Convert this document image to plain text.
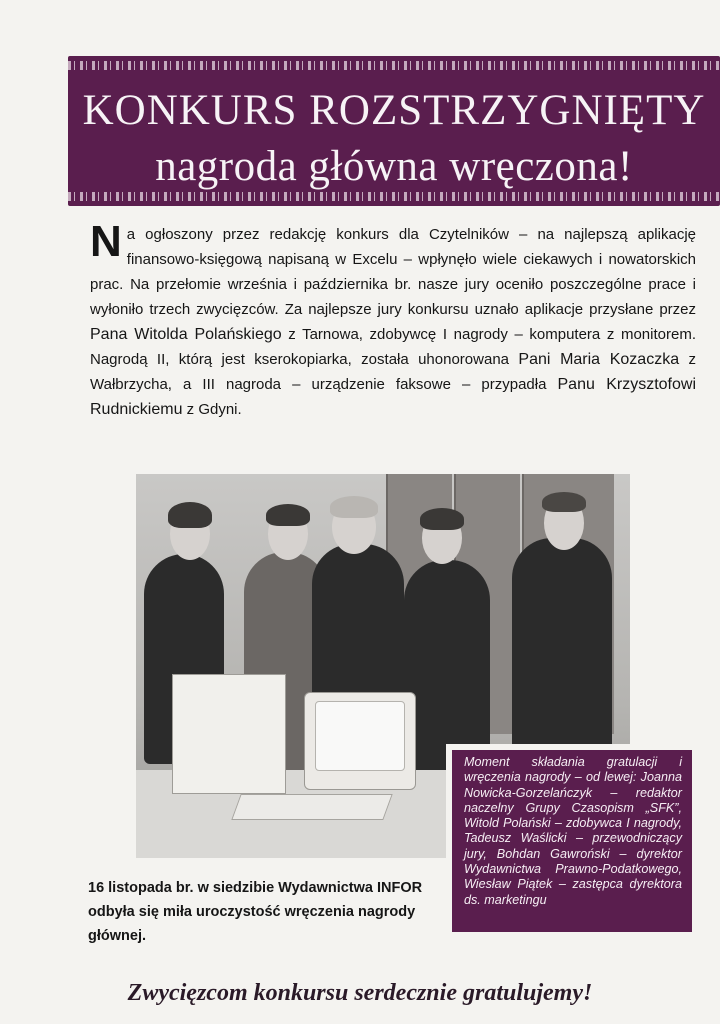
KONKURS ROZSTRZYGNIĘTY
nagroda główna wręczona!
Na ogłoszony przez redakcję konkurs dla Czytelników – na najlepszą aplikację finansowo-księgową napisaną w Excelu – wpłynęło wiele ciekawych i nowatorskich prac. Na przełomie września i października br. nasze jury oceniło poszczególne prace i wyłoniło trzech zwycięzców. Za najlepsze jury konkursu uznało aplikacje przysłane przez Pana Witolda Polańskiego z Tarnowa, zdobywcę I nagrody – komputera z monitorem. Nagrodą II, którą jest kserokopiarka, została uhonorowana Pani Maria Kozaczka z Wałbrzycha, a III nagroda – urządzenie faksowe – przypadła Panu Krzysztofowi Rudnickiemu z Gdyni.
Moment składania gratulacji i wręczenia nagrody – od lewej: Joanna Nowicka-Gorzelańczyk – redaktor naczelny Grupy Czasopism „SFK”, Witold Polański – zdobywca I nagrody, Tadeusz Waślicki – przewodniczący jury, Bohdan Gawroński – dyrektor Wydawnictwa Prawno-Podatkowego, Wiesław Piątek – zastępca dyrektora ds. marketingu
16 listopada br. w siedzibie Wydawnictwa INFOR odbyła się miła uroczystość wręczenia nagrody głównej.
Zwycięzcom konkursu serdecznie gratulujemy!
